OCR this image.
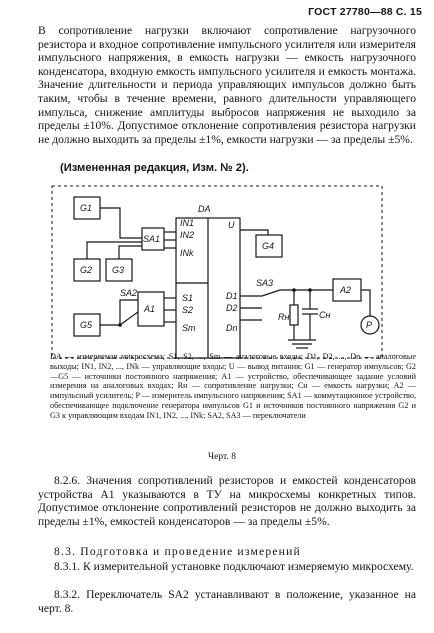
ГОСТ 27780—88 С. 15
В сопротивление нагрузки включают сопротивление нагрузочного резистора и входное сопротивление импульсного усилителя или измерителя импульсного напряжения, в емкость нагрузки — емкость нагрузочного конденсатора, входную емкость импульсного усилителя и емкость монтажа. Значение длительности и периода управляющих импульсов должно быть таким, чтобы в течение времени, равного длительности управляющего импульса, снижение амплитуды выбросов напряжения не выходило за пределы ±10%. Допустимое отклонение сопротивления резистора нагрузки не должно выходить за пределы ±1%, емкости нагрузки — за пределы ±5%.
(Измененная редакция, Изм. № 2).
G1
G2 G3
G4
G5
A1
SA1
SA2
SA3
A2
P
DA
IN1
IN2
INk
S1
S2
Sm
U
D1
D2
Dn
Rн	Cн
DA — измеряемая микросхема; S1, S2, ..., Sm — аналоговые входы; D1, D2, ..., Dn — аналоговые выходы; IN1, IN2, ..., INk — управляющие входы; U — вывод питания; G1 — генератор импульсов; G2—G5 — источники постоянного напряжения; A1 — устройство, обеспечивающее задание условий измерения на аналоговых входах; Rн — сопротивление нагрузки; Cн — емкость нагрузки; A2 — импульсный усилитель; P — измеритель импульсного напряжения; SA1 — коммутационное устройство, обеспечивающее подключение генератора импульсов G1 и источников постоянного напряжения G2 и G3 к управляющим входам IN1, IN2, ..., INk; SA2, SA3 — переключатели
Черт. 8
8.2.6. Значения сопротивлений резисторов и емкостей конденсаторов устройства A1 указываются в ТУ на микросхемы конкретных типов. Допустимое отклонение сопротивлений резисторов не должно выходить за пределы ±1%, емкостей конденсаторов — за пределы ±5%.
8.3. Подготовка и проведение измерений
8.3.1. К измерительной установке подключают измеряемую микросхему.
8.3.2. Переключатель SA2 устанавливают в положение, указанное на черт. 8.
